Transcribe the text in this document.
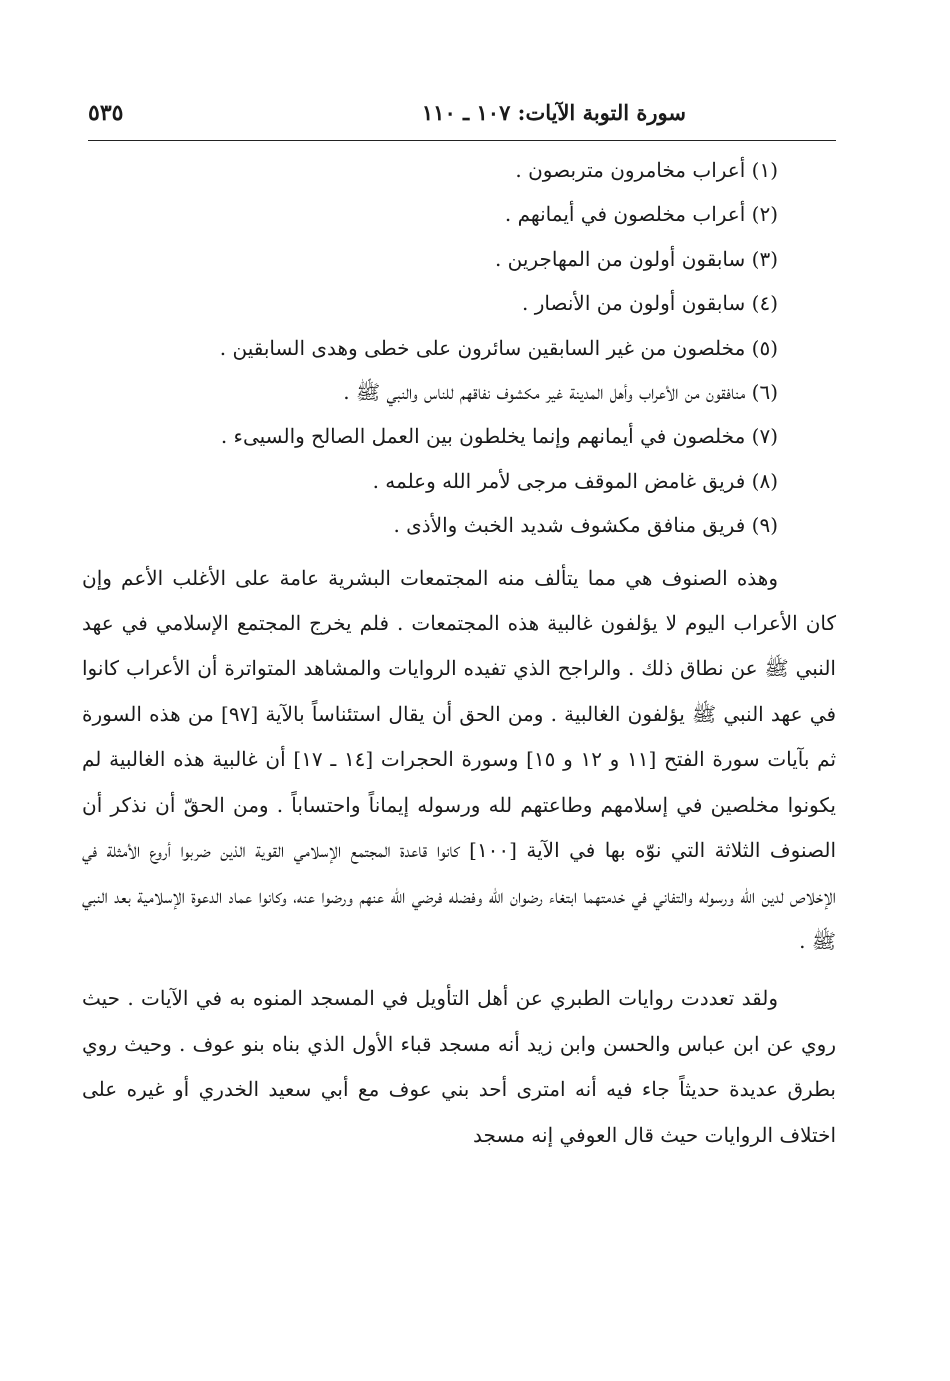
سورة التوبة الآيات: ١٠٧ ـ ١١٠
٥٣٥
(١) أعراب مخامرون متربصون .
(٢) أعراب مخلصون في أيمانهم .
(٣) سابقون أولون من المهاجرين .
(٤) سابقون أولون من الأنصار .
(٥) مخلصون من غير السابقين سائرون على خطى وهدى السابقين .
(٦) منافقون من الأعراب وأهل المدينة غير مكشوف نفاقهم للناس والنبي ﷺ .
(٧) مخلصون في أيمانهم وإنما يخلطون بين العمل الصالح والسيىء .
(٨) فريق غامض الموقف مرجى لأمر الله وعلمه .
(٩) فريق منافق مكشوف شديد الخبث والأذى .

وهذه الصنوف هي مما يتألف منه المجتمعات البشرية عامة على الأغلب الأعم وإن كان الأعراب اليوم لا يؤلفون غالبية هذه المجتمعات . فلم يخرج المجتمع الإسلامي في عهد النبي ﷺ عن نطاق ذلك . والراجح الذي تفيده الروايات والمشاهد المتواترة أن الأعراب كانوا في عهد النبي ﷺ يؤلفون الغالبية . ومن الحق أن يقال استئناساً بالآية [٩٧] من هذه السورة ثم بآيات سورة الفتح [١١ و ١٢ و ١٥] وسورة الحجرات [١٤ ـ ١٧] أن غالبية هذه الغالبية لم يكونوا مخلصين في إسلامهم وطاعتهم لله ورسوله إيماناً واحتساباً . ومن الحقّ أن نذكر أن الصنوف الثلاثة التي نوّه بها في الآية [١٠٠] كانوا قاعدة المجتمع الإسلامي القوية الذين ضربوا أروع الأمثلة في الإخلاص لدين الله ورسوله والتفاني في خدمتهما ابتغاء رضوان الله وفضله فرضي الله عنهم ورضوا عنه، وكانوا عماد الدعوة الإسلامية بعد النبي ﷺ .

ولقد تعددت روايات الطبري عن أهل التأويل في المسجد المنوه به في الآيات . حيث روي عن ابن عباس والحسن وابن زيد أنه مسجد قباء الأول الذي بناه بنو عوف . وحيث روي بطرق عديدة حديثاً جاء فيه أنه امترى أحد بني عوف مع أبي سعيد الخدري أو غيره على اختلاف الروايات حيث قال العوفي إنه مسجد
